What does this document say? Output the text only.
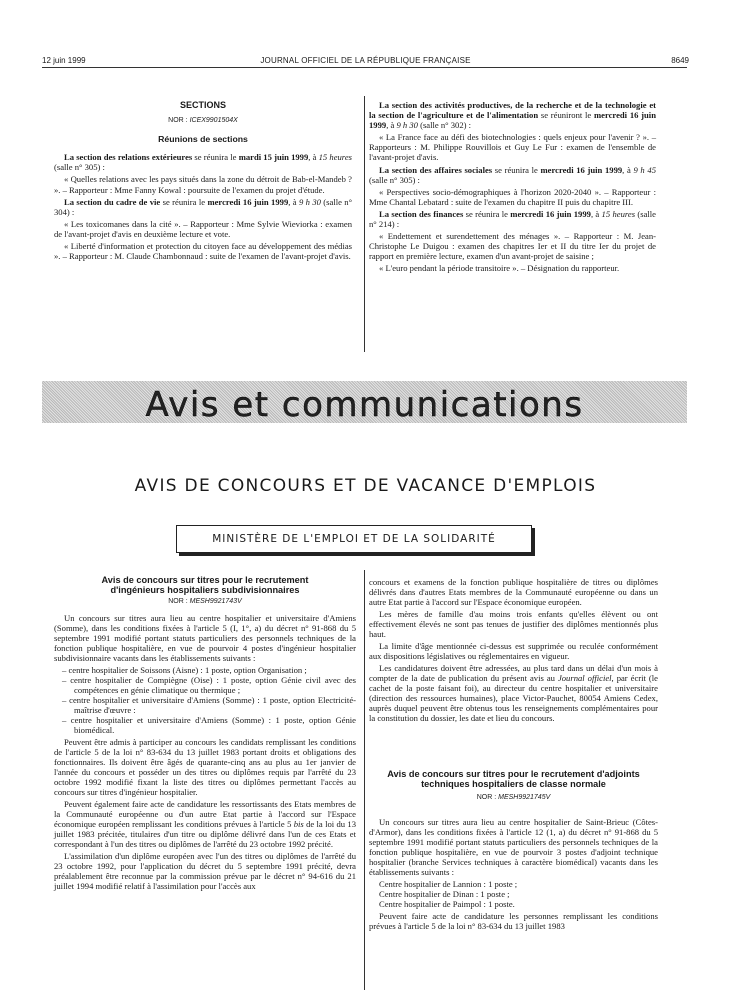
12 juin 1999	JOURNAL OFFICIEL DE LA RÉPUBLIQUE FRANÇAISE	8649
SECTIONS
NOR : ICEX9901504X
Réunions de sections

La section des relations extérieures se réunira le mardi 15 juin 1999, à 15 heures (salle n° 305) :

« Quelles relations avec les pays situés dans la zone du détroit de Bab-el-Mandeb ? ». – Rapporteur : Mme Fanny Kowal : poursuite de l'examen du projet d'étude.

La section du cadre de vie se réunira le mercredi 16 juin 1999, à 9 h 30 (salle n° 304) :

« Les toxicomanes dans la cité ». – Rapporteur : Mme Sylvie Wieviorka : examen de l'avant-projet d'avis en deuxième lecture et vote.

« Liberté d'information et protection du citoyen face au développement des médias ». – Rapporteur : M. Claude Chambonnaud : suite de l'examen de l'avant-projet d'avis.

La section des activités productives, de la recherche et de la technologie et la section de l'agriculture et de l'alimentation se réuniront le mercredi 16 juin 1999, à 9 h 30 (salle n° 302) :

« La France face au défi des biotechnologies : quels enjeux pour l'avenir ? ». – Rapporteurs : M. Philippe Rouvillois et Guy Le Fur : examen de l'ensemble de l'avant-projet d'avis.

La section des affaires sociales se réunira le mercredi 16 juin 1999, à 9 h 45 (salle n° 305) :

« Perspectives socio-démographiques à l'horizon 2020-2040 ». – Rapporteur : Mme Chantal Lebatard : suite de l'examen du chapitre II puis du chapitre III.

La section des finances se réunira le mercredi 16 juin 1999, à 15 heures (salle n° 214) :

« Endettement et surendettement des ménages ». – Rapporteur : M. Jean-Christophe Le Duigou : examen des chapitres Ier et II du titre Ier du projet de rapport en première lecture, examen d'un avant-projet de saisine ;

« L'euro pendant la période transitoire ». – Désignation du rapporteur.

Avis et communications
AVIS DE CONCOURS ET DE VACANCE D'EMPLOIS
MINISTÈRE DE L'EMPLOI ET DE LA SOLIDARITÉ
Avis de concours sur titres pour le recrutement d'ingénieurs hospitaliers subdivisionnaires
NOR : MESH9921743V

Un concours sur titres aura lieu au centre hospitalier et universitaire d'Amiens (Somme), dans les conditions fixées à l'article 5 (I, 1°, a) du décret n° 91-868 du 5 septembre 1991 modifié portant statuts particuliers des personnels techniques de la fonction publique hospitalière, en vue de pourvoir 4 postes d'ingénieur hospitalier subdivisionnaire vacants dans les établissements suivants :

– centre hospitalier de Soissons (Aisne) : 1 poste, option Organisation ;
– centre hospitalier de Compiègne (Oise) : 1 poste, option Génie civil avec des compétences en génie climatique ou thermique ;
– centre hospitalier et universitaire d'Amiens (Somme) : 1 poste, option Electricité-maîtrise d'œuvre :
– centre hospitalier et universitaire d'Amiens (Somme) : 1 poste, option Génie biomédical.

Peuvent être admis à participer au concours les candidats remplissant les conditions de l'article 5 de la loi n° 83-634 du 13 juillet 1983 portant droits et obligations des fonctionnaires. Ils doivent être âgés de quarante-cinq ans au plus au 1er janvier de l'année du concours et posséder un des titres ou diplômes requis par l'arrêté du 23 octobre 1992 modifié fixant la liste des titres ou diplômes permettant l'accès au concours sur titres d'ingénieur hospitalier.

Peuvent également faire acte de candidature les ressortissants des Etats membres de la Communauté européenne ou d'un autre Etat partie à l'accord sur l'Espace économique européen remplissant les conditions prévues à l'article 5 bis de la loi du 13 juillet 1983 précitée, titulaires d'un titre ou diplôme délivré dans l'un de ces Etats et correspondant à l'un des titres ou diplômes de l'arrêté du 23 octobre 1992 précité.

L'assimilation d'un diplôme européen avec l'un des titres ou diplômes de l'arrêté du 23 octobre 1992, pour l'application du décret du 5 septembre 1991 précité, devra préalablement être reconnue par la commission prévue par le décret n° 94-616 du 21 juillet 1994 modifié relatif à l'assimilation pour l'accès aux

concours et examens de la fonction publique hospitalière de titres ou diplômes délivrés dans d'autres Etats membres de la Communauté européenne ou dans un autre Etat partie à l'accord sur l'Espace économique européen.

Les mères de famille d'au moins trois enfants qu'elles élèvent ou ont effectivement élevés ne sont pas tenues de justifier des diplômes mentionnés plus haut.

La limite d'âge mentionnée ci-dessus est supprimée ou reculée conformément aux dispositions législatives ou réglementaires en vigueur.

Les candidatures doivent être adressées, au plus tard dans un délai d'un mois à compter de la date de publication du présent avis au Journal officiel, par écrit (le cachet de la poste faisant foi), au directeur du centre hospitalier et universitaire (direction des ressources humaines), place Victor-Pauchet, 80054 Amiens Cedex, auprès duquel peuvent être obtenus tous les renseignements complémentaires pour la constitution du dossier, les date et lieu du concours.

Avis de concours sur titres pour le recrutement d'adjoints techniques hospitaliers de classe normale
NOR : MESH9921745V

Un concours sur titres aura lieu au centre hospitalier de Saint-Brieuc (Côtes-d'Armor), dans les conditions fixées à l'article 12 (1, a) du décret n° 91-868 du 5 septembre 1991 modifié portant statuts particuliers des personnels techniques de la fonction publique hospitalière, en vue de pourvoir 3 postes d'adjoint technique hospitalier (branche Services techniques à caractère biomédical) vacants dans les établissements suivants :

Centre hospitalier de Lannion : 1 poste ;
Centre hospitalier de Dinan : 1 poste ;
Centre hospitalier de Paimpol : 1 poste.

Peuvent faire acte de candidature les personnes remplissant les conditions prévues à l'article 5 de la loi n° 83-634 du 13 juillet 1983
